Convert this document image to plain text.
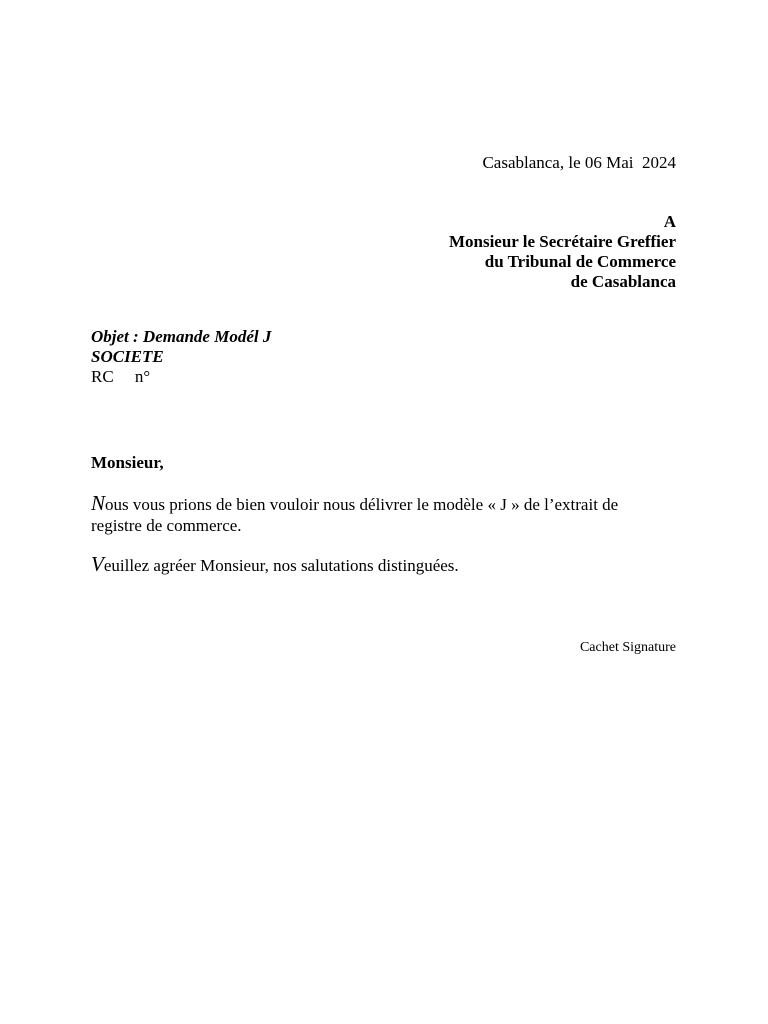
Casablanca, le 06 Mai  2024
A
Monsieur le Secrétaire Greffier
du Tribunal de Commerce
de Casablanca
Objet : Demande Modél J
SOCIETE
RC     n°
Monsieur,
Nous vous prions de bien vouloir nous délivrer le modèle « J » de l’extrait de registre de commerce.
Veuillez agréer Monsieur, nos salutations distinguées.
Cachet Signature
